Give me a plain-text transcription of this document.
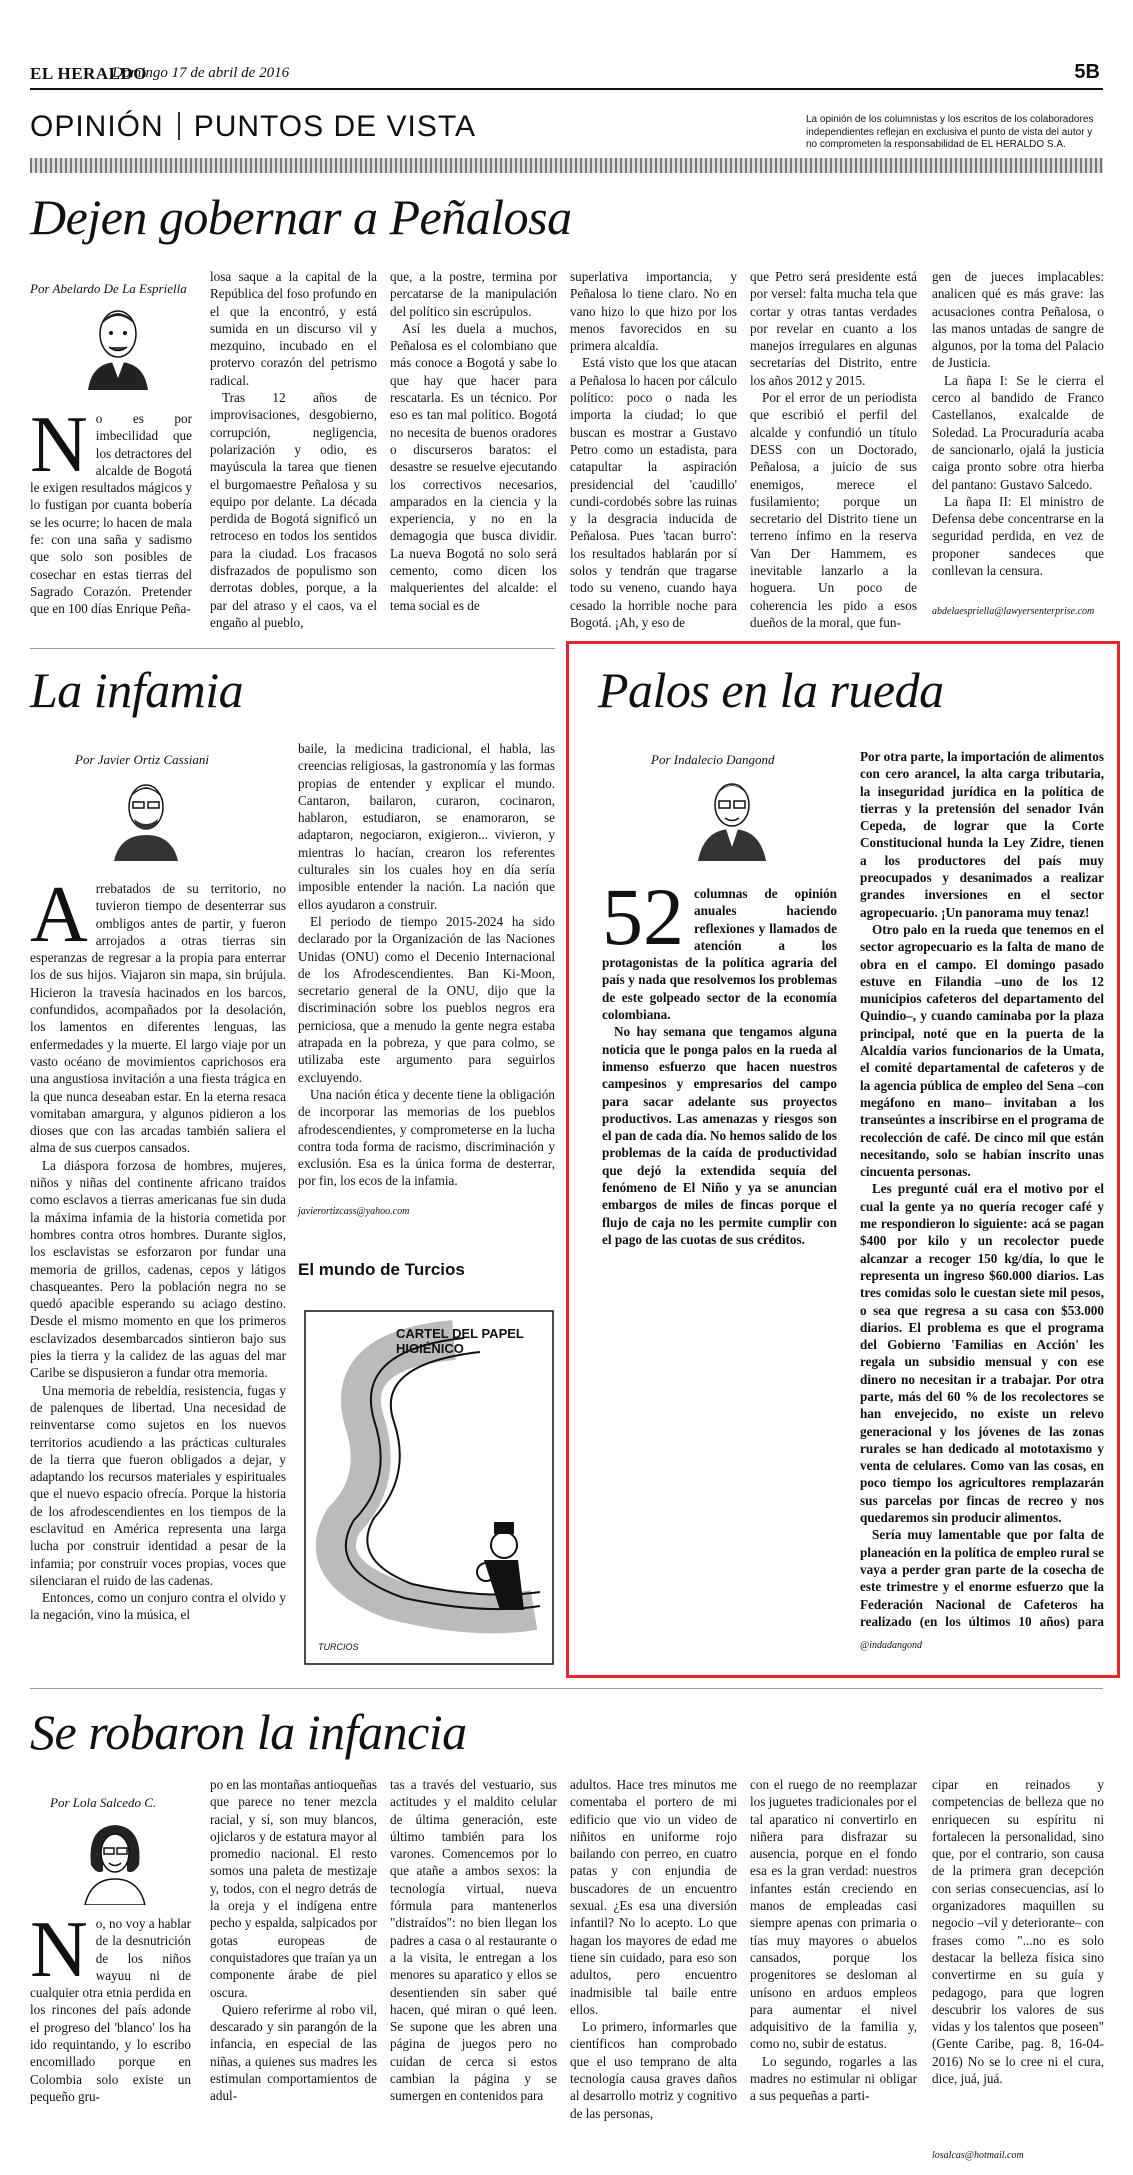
EL HERALDO
Domingo 17 de abril de 2016	5B
OPINIÓN PUNTOS DE VISTA	La opinión de los columnistas y los escritos de los colaboradores independientes reflejan en exclusiva el punto de vista del autor y no comprometen la responsabilidad de EL HERALDO S.A.
Dejen gobernar a Peñalosa
Por Abelardo De La Espriella
N o es por imbecilidad que los detractores del alcalde de Bogotá le exigen resultados mágicos y lo fustigan por cuanta bobería se les ocurre; lo hacen de mala fe: con una saña y sadismo que solo son posibles de cosechar en estas tierras del Sagrado Corazón. Pretender que en 100 días Enrique Peña-

losa saque a la capital de la República del foso profundo en el que la encontró, y está sumida en un discurso vil y mezquino, incubado en el protervo corazón del petrismo radical.

Tras 12 años de improvisaciones, desgobierno, corrupción, negligencia, polarización y odio, es mayúscula la tarea que tienen el burgomaestre Peñalosa y su equipo por delante. La década perdida de Bogotá significó un retroceso en todos los sentidos para la ciudad. Los fracasos disfrazados de populismo son derrotas dobles, porque, a la par del atraso y el caos, va el engaño al pueblo,

que, a la postre, termina por percatarse de la manipulación del político sin escrúpulos.

Así les duela a muchos, Peñalosa es el colombiano que más conoce a Bogotá y sabe lo que hay que hacer para rescatarla. Es un técnico. Por eso es tan mal político. Bogotá no necesita de buenos oradores o discurseros baratos: el desastre se resuelve ejecutando los correctivos necesarios, amparados en la ciencia y la experiencia, y no en la demagogia que busca dividir. La nueva Bogotá no solo será cemento, como dicen los malquerientes del alcalde: el tema social es de

superlativa importancia, y Peñalosa lo tiene claro. No en vano hizo lo que hizo por los menos favorecidos en su primera alcaldía.

Está visto que los que atacan a Peñalosa lo hacen por cálculo político: poco o nada les importa la ciudad; lo que buscan es mostrar a Gustavo Petro como un estadista, para catapultar la aspiración presidencial del 'caudillo' cundi-cordobés sobre las ruinas y la desgracia inducida de Peñalosa. Pues 'tacan burro': los resultados hablarán por sí solos y tendrán que tragarse todo su veneno, cuando haya cesado la horrible noche para Bogotá. ¡Ah, y eso de

que Petro será presidente está por versel: falta mucha tela que cortar y otras tantas verdades por revelar en cuanto a los manejos irregulares en algunas secretarías del Distrito, entre los años 2012 y 2015.

Por el error de un periodista que escribió el perfil del alcalde y confundió un título DESS con un Doctorado, Peñalosa, a juicio de sus enemigos, merece el fusilamiento; porque un secretario del Distrito tiene un terreno ínfimo en la reserva Van Der Hammem, es inevitable lanzarlo a la hoguera. Un poco de coherencia les pido a esos dueños de la moral, que fun-

gen de jueces implacables: analicen qué es más grave: las acusaciones contra Peñalosa, o las manos untadas de sangre de algunos, por la toma del Palacio de Justicia.

La ñapa I: Se le cierra el cerco al bandido de Franco Castellanos, exalcalde de Soledad. La Procuraduría acaba de sancionarlo, ojalá la justicia caiga pronto sobre otra hierba del pantano: Gustavo Salcedo.

La ñapa II: El ministro de Defensa debe concentrarse en la seguridad perdida, en vez de proponer sandeces que conllevan la censura.

abdelaespriella@lawyersenterprise.com
La infamia
Por Javier Ortiz Cassiani
A rrebatados de su territorio, no tuvieron tiempo de desenterrar sus ombligos antes de partir, y fueron arrojados a otras tierras sin esperanzas de regresar a la propia para enterrar los de sus hijos. Viajaron sin mapa, sin brújula. Hicieron la travesía hacinados en los barcos, confundidos, acompañados por la desolación, los lamentos en diferentes lenguas, las enfermedades y la muerte. El largo viaje por un vasto océano de movimientos caprichosos era una angustiosa invitación a una fiesta trágica en la que nunca deseaban estar. En la eterna resaca vomitaban amargura, y algunos pidieron a los dioses que con las arcadas también saliera el alma de sus cuerpos cansados.

La diáspora forzosa de hombres, mujeres, niños y niñas del continente africano traídos como esclavos a tierras americanas fue sin duda la máxima infamia de la historia cometida por hombres contra otros hombres. Durante siglos, los esclavistas se esforzaron por fundar una memoria de grillos, cadenas, cepos y látigos chasqueantes. Pero la población negra no se quedó apacible esperando su aciago destino. Desde el mismo momento en que los primeros esclavizados desembarcados sintieron bajo sus pies la tierra y la calidez de las aguas del mar Caribe se dispusieron a fundar otra memoria.

Una memoria de rebeldía, resistencia, fugas y de palenques de libertad. Una necesidad de reinventarse como sujetos en los nuevos territorios acudiendo a las prácticas culturales de la tierra que fueron obligados a dejar, y adaptando los recursos materiales y espirituales que el nuevo espacio ofrecía. Porque la historia de los afrodescendientes en los tiempos de la esclavitud en América representa una larga lucha por construir identidad a pesar de la infamia; por construir voces propias, voces que silenciaran el ruido de las cadenas.

Entonces, como un conjuro contra el olvido y la negación, vino la música, el

baile, la medicina tradicional, el habla, las creencias religiosas, la gastronomía y las formas propias de entender y explicar el mundo. Cantaron, bailaron, curaron, cocinaron, hablaron, estudiaron, se enamoraron, se adaptaron, negociaron, exigieron... vivieron, y mientras lo hacían, crearon los referentes culturales sin los cuales hoy en día sería imposible entender la nación. La nación que ellos ayudaron a construir.

El periodo de tiempo 2015-2024 ha sido declarado por la Organización de las Naciones Unidas (ONU) como el Decenio Internacional de los Afrodescendientes. Ban Ki-Moon, secretario general de la ONU, dijo que la discriminación sobre los pueblos negros era perniciosa, que a menudo la gente negra estaba atrapada en la pobreza, y que para colmo, se utilizaba este argumento para seguirlos excluyendo.

Una nación ética y decente tiene la obligación de incorporar las memorias de los pueblos afrodescendientes, y comprometerse en la lucha contra toda forma de racismo, discriminación y exclusión. Esa es la única forma de desterrar, por fin, los ecos de la infamia.

javierortizcass@yahoo.com
El mundo de Turcios
CARTEL DEL PAPEL HIGIÉNICO
TURCIOS
Palos en la rueda
Por Indalecio Dangond
52 columnas de opinión anuales haciendo reflexiones y llamados de atención a los protagonistas de la política agraria del país y nada que resolvemos los problemas de este golpeado sector de la economía colombiana.

No hay semana que tengamos alguna noticia que le ponga palos en la rueda al inmenso esfuerzo que hacen nuestros campesinos y empresarios del campo para sacar adelante sus proyectos productivos. Las amenazas y riesgos son el pan de cada día. No hemos salido de los problemas de la caída de productividad que dejó la extendida sequía del fenómeno de El Niño y ya se anuncian embargos de miles de fincas porque el flujo de caja no les permite cumplir con el pago de las cuotas de sus créditos.

Por otra parte, la importación de alimentos con cero arancel, la alta carga tributaria, la inseguridad jurídica en la política de tierras y la pretensión del senador Iván Cepeda, de lograr que la Corte Constitucional hunda la Ley Zidre, tienen a los productores del país muy preocupados y desanimados a realizar grandes inversiones en el sector agropecuario. ¡Un panorama muy tenaz!

Otro palo en la rueda que tenemos en el sector agropecuario es la falta de mano de obra en el campo. El domingo pasado estuve en Filandia –uno de los 12 municipios cafeteros del departamento del Quindío–, y cuando caminaba por la plaza principal, noté que en la puerta de la Alcaldía varios funcionarios de la Umata, el comité departamental de cafeteros y de la agencia pública de empleo del Sena –con megáfono en mano– invitaban a los transeúntes a inscribirse en el programa de recolección de café. De cinco mil que están necesitando, solo se habían inscrito unas cincuenta personas.

Les pregunté cuál era el motivo por el cual la gente ya no quería recoger café y me respondieron lo siguiente: acá se pagan $400 por kilo y un recolector puede alcanzar a recoger 150 kg/día, lo que le representa un ingreso $60.000 diarios. Las tres comidas solo le cuestan siete mil pesos, o sea que regresa a su casa con $53.000 diarios. El problema es que el programa del Gobierno 'Familias en Acción' les regala un subsidio mensual y con ese dinero no necesitan ir a trabajar. Por otra parte, más del 60 % de los recolectores se han envejecido, no existe un relevo generacional y los jóvenes de las zonas rurales se han dedicado al mototaxismo y venta de celulares. Como van las cosas, en poco tiempo los agricultores remplazarán sus parcelas por fincas de recreo y nos quedaremos sin producir alimentos.

Sería muy lamentable que por falta de planeación en la política de empleo rural se vaya a perder gran parte de la cosecha de este trimestre y el enorme esfuerzo que la Federación Nacional de Cafeteros ha realizado (en los últimos 10 años) para

@indadangond
Se robaron la infancia
Por Lola Salcedo C.
N o, no voy a hablar de la desnutrición de los niños wayuu ni de cualquier otra etnia perdida en los rincones del país adonde el progreso del 'blanco' los ha ido requintando, y lo escribo encomillado porque en Colombia solo existe un pequeño gru-

po en las montañas antioqueñas que parece no tener mezcla racial, y sí, son muy blancos, ojiclaros y de estatura mayor al promedio nacional. El resto somos una paleta de mestizaje y, todos, con el negro detrás de la oreja y el indígena entre pecho y espalda, salpicados por gotas europeas de conquistadores que traían ya un componente árabe de piel oscura.

Quiero referirme al robo vil, descarado y sin parangón de la infancia, en especial de las niñas, a quienes sus madres les estimulan comportamientos de adul-

tas a través del vestuario, sus actitudes y el maldito celular de última generación, este último también para los varones. Comencemos por lo que atañe a ambos sexos: la tecnología virtual, nueva fórmula para mantenerlos "distraídos": no bien llegan los padres a casa o al restaurante o a la visita, le entregan a los menores su aparatico y ellos se desentienden sin saber qué hacen, qué miran o qué leen. Se supone que les abren una página de juegos pero no cuidan de cerca si estos cambian la página y se sumergen en contenidos para

adultos. Hace tres minutos me comentaba el portero de mi edificio que vio un video de niñitos en uniforme rojo bailando con perreo, en cuatro patas y con enjundia de buscadores de un encuentro sexual. ¿Es esa una diversión infantil? No lo acepto. Lo que hagan los mayores de edad me tiene sin cuidado, para eso son adultos, pero encuentro inadmisible tal baile entre ellos.

Lo primero, informarles que científicos han comprobado que el uso temprano de alta tecnología causa graves daños al desarrollo motriz y cognitivo de las personas,

con el ruego de no reemplazar los juguetes tradicionales por el tal aparatico ni convertirlo en niñera para disfrazar su ausencia, porque en el fondo esa es la gran verdad: nuestros infantes están creciendo en manos de empleadas casi siempre apenas con primaria o tías muy mayores o abuelos cansados, porque los progenitores se desloman al unísono en arduos empleos para aumentar el nivel adquisitivo de la familia y, como no, subir de estatus.

Lo segundo, rogarles a las madres no estimular ni obligar a sus pequeñas a parti-

cipar en reinados y competencias de belleza que no enriquecen su espíritu ni fortalecen la personalidad, sino que, por el contrario, son causa de la primera gran decepción con serias consecuencias, así lo organizadores maquillen su negocio –vil y deteriorante– con frases como "...no es solo destacar la belleza física sino convertirme en su guía y pedagogo, para que logren descubrir los valores de sus vidas y los talentos que poseen" (Gente Caribe, pag. 8, 16-04-2016) No se lo cree ni el cura, dice, juá, juá.

losalcas@hotmail.com
